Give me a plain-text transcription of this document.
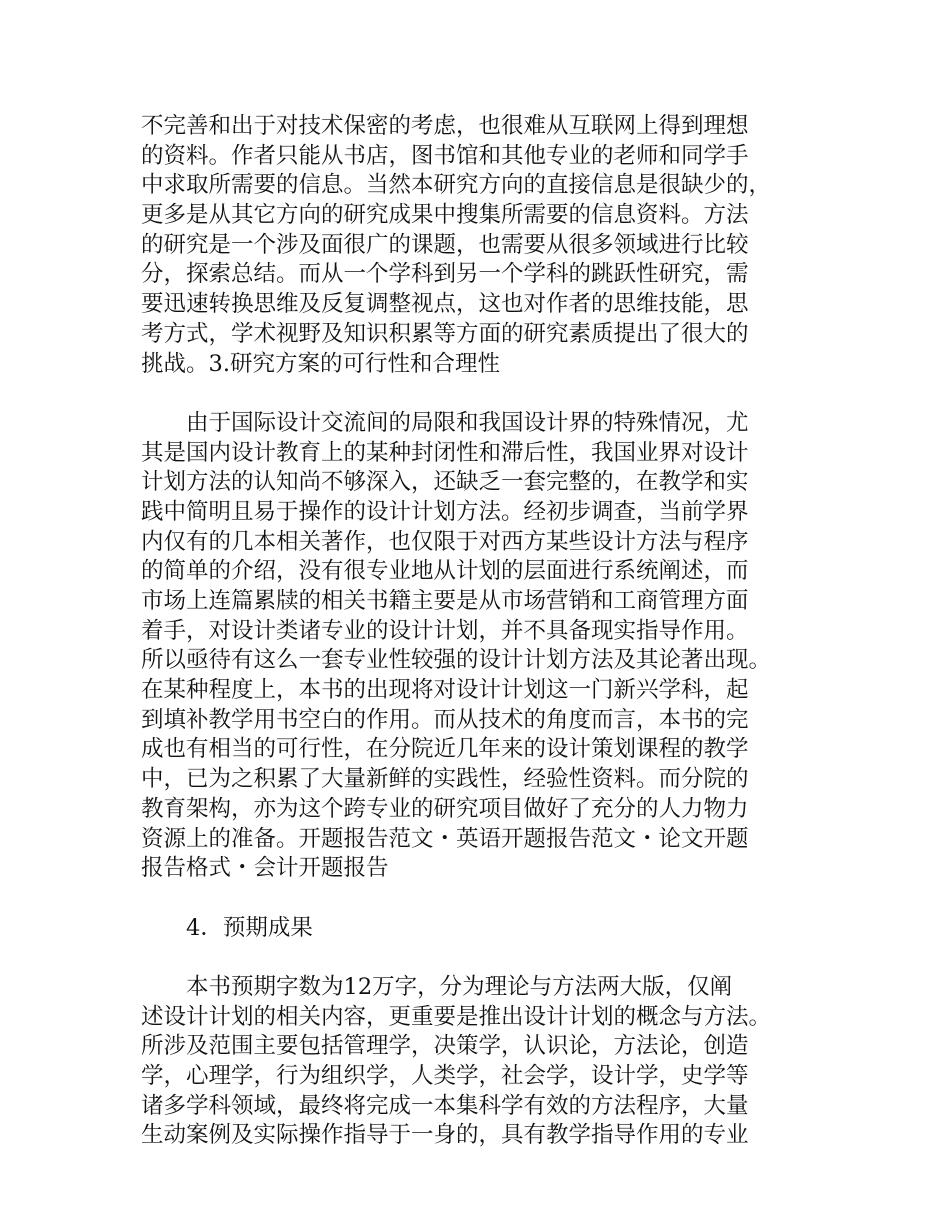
不完善和出于对技术保密的考虑，也很难从互联网上得到理想
的资料。作者只能从书店，图书馆和其他专业的老师和同学手
中求取所需要的信息。当然本研究方向的直接信息是很缺少的，
更多是从其它方向的研究成果中搜集所需要的信息资料。方法
的研究是一个涉及面很广的课题，也需要从很多领域进行比较
分，探索总结。而从一个学科到另一个学科的跳跃性研究，需
要迅速转换思维及反复调整视点，这也对作者的思维技能，思
考方式，学术视野及知识积累等方面的研究素质提出了很大的
挑战。3.研究方案的可行性和合理性
由于国际设计交流间的局限和我国设计界的特殊情况，尤
其是国内设计教育上的某种封闭性和滞后性，我国业界对设计
计划方法的认知尚不够深入，还缺乏一套完整的，在教学和实
践中简明且易于操作的设计计划方法。经初步调查，当前学界
内仅有的几本相关著作，也仅限于对西方某些设计方法与程序
的简单的介绍，没有很专业地从计划的层面进行系统阐述，而
市场上连篇累牍的相关书籍主要是从市场营销和工商管理方面
着手，对设计类诸专业的设计计划，并不具备现实指导作用。
所以亟待有这么一套专业性较强的设计计划方法及其论著出现。
在某种程度上，本书的出现将对设计计划这一门新兴学科，起
到填补教学用书空白的作用。而从技术的角度而言，本书的完
成也有相当的可行性，在分院近几年来的设计策划课程的教学
中，已为之积累了大量新鲜的实践性，经验性资料。而分院的
教育架构，亦为这个跨专业的研究项目做好了充分的人力物力
资源上的准备。开题报告范文・英语开题报告范文・论文开题
报告格式・会计开题报告
4．预期成果
本书预期字数为12万字，分为理论与方法两大版，仅阐
述设计计划的相关内容，更重要是推出设计计划的概念与方法。
所涉及范围主要包括管理学，决策学，认识论，方法论，创造
学，心理学，行为组织学，人类学，社会学，设计学，史学等
诸多学科领域，最终将完成一本集科学有效的方法程序，大量
生动案例及实际操作指导于一身的，具有教学指导作用的专业
